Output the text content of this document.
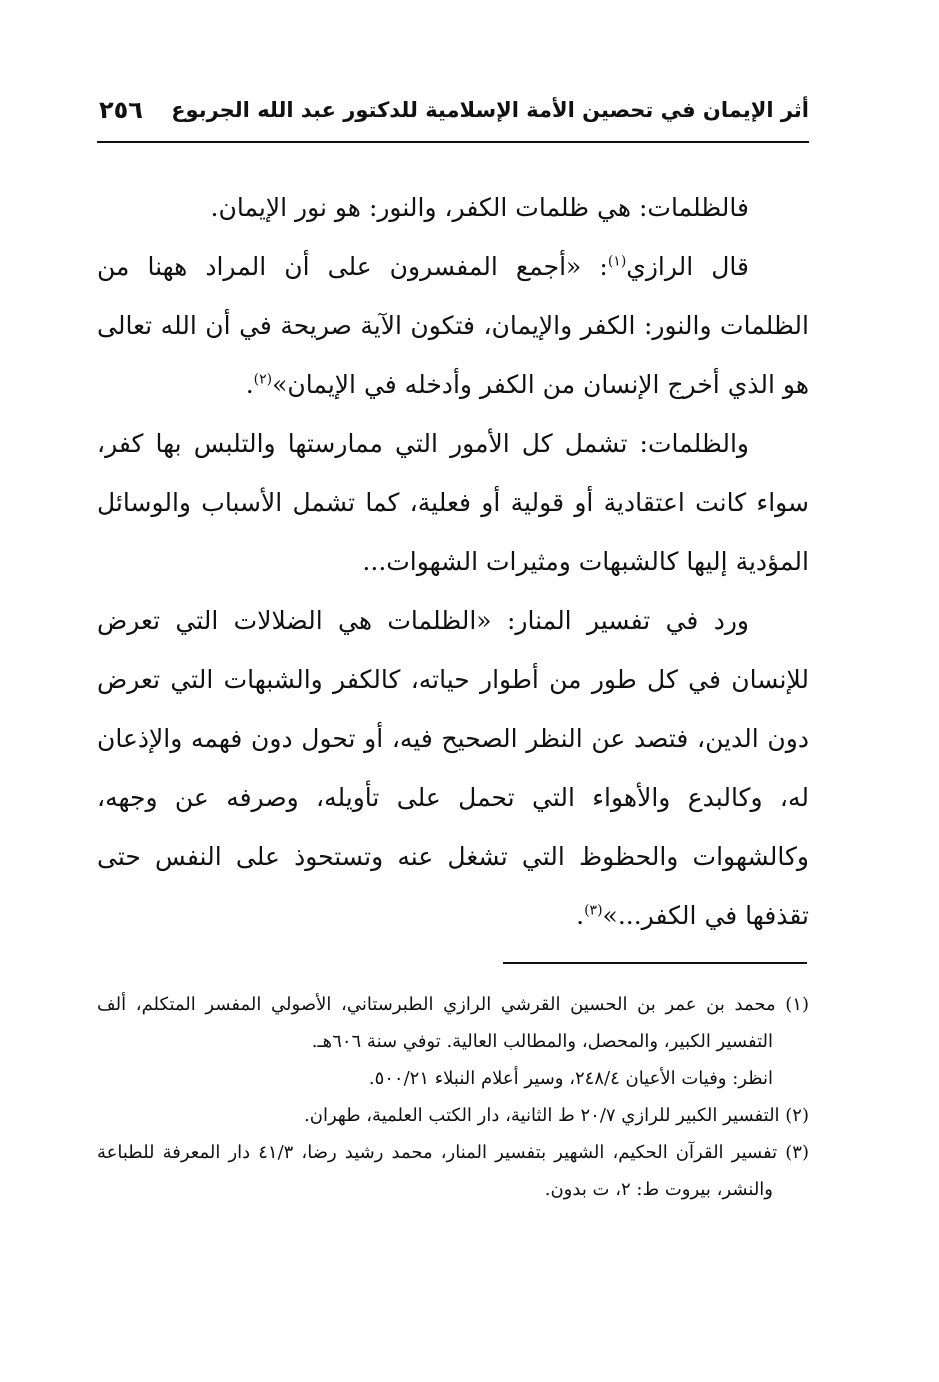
أثر الإيمان في تحصين الأمة الإسلامية للدكتور عبد الله الجربوع
٢٥٦

فالظلمات: هي ظلمات الكفر، والنور: هو نور الإيمان.

قال الرازي$^{(١)}$: «أجمع المفسرون على أن المراد ههنا من الظلمات والنور: الكفر والإيمان، فتكون الآية صريحة في أن الله تعالى هو الذي أخرج الإنسان من الكفر وأدخله في الإيمان»$^{(٢)}$.

والظلمات: تشمل كل الأمور التي ممارستها والتلبس بها كفر، سواء كانت اعتقادية أو قولية أو فعلية، كما تشمل الأسباب والوسائل المؤدية إليها كالشبهات ومثيرات الشهوات...

ورد في تفسير المنار: «الظلمات هي الضلالات التي تعرض للإنسان في كل طور من أطوار حياته، كالكفر والشبهات التي تعرض دون الدين، فتصد عن النظر الصحيح فيه، أو تحول دون فهمه والإذعان له، وكالبدع والأهواء التي تحمل على تأويله، وصرفه عن وجهه، وكالشهوات والحظوظ التي تشغل عنه وتستحوذ على النفس حتى تقذفها في الكفر...»$^{(٣)}$.

(١) محمد بن عمر بن الحسين القرشي الرازي الطبرستاني، الأصولي المفسر المتكلم، ألف التفسير الكبير، والمحصل، والمطالب العالية. توفي سنة ٦٠٦هـ.

انظر: وفيات الأعيان ٢٤٨/٤، وسير أعلام النبلاء ٥٠٠/٢١.

(٢) التفسير الكبير للرازي ٢٠/٧ ط الثانية، دار الكتب العلمية، طهران.

(٣) تفسير القرآن الحكيم، الشهير بتفسير المنار، محمد رشيد رضا، ٤١/٣ دار المعرفة للطباعة والنشر، بيروت ط: ٢، ت بدون.
